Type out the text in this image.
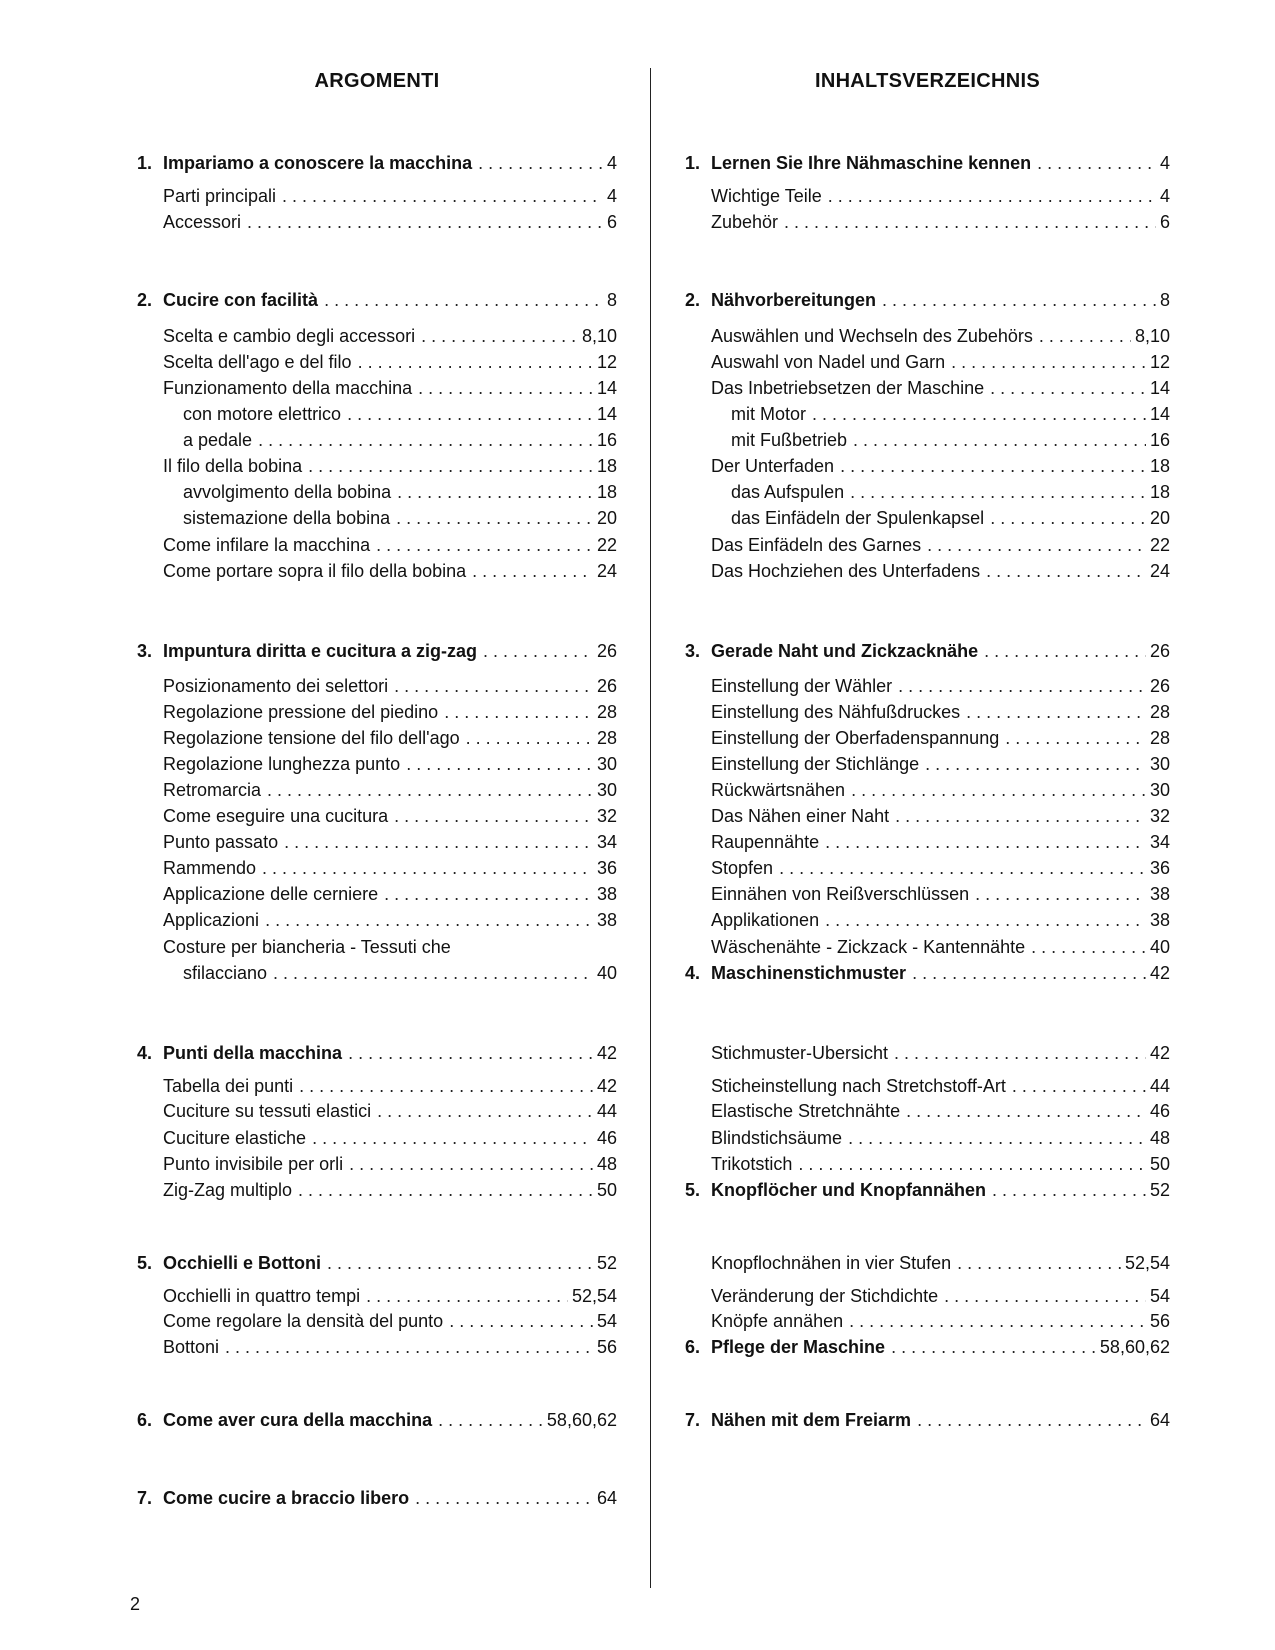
ARGOMENTI
1. Impariamo a conoscere la macchina . . .	4
Parti principali . . .	4
Accessori . . .	6
2. Cucire con facilità . . .	8
Scelta e cambio degli accessori . . .	8,10
Scelta dell'ago e del filo . . .	12
Funzionamento della macchina . . .	14
con motore elettrico . . .	14
a pedale . . .	16
Il filo della bobina . . .	18
avvolgimento della bobina . . .	18
sistemazione della bobina . . .	20
Come infilare la macchina . . .	22
Come portare sopra il filo della bobina . . .	24
3. Impuntura diritta e cucitura a zig-zag . . .	26
Posizionamento dei selettori . . .	26
Regolazione pressione del piedino . . .	28
Regolazione tensione del filo dell'ago . . .	28
Regolazione lunghezza punto . . .	30
Retromarcia . . .	30
Come eseguire una cucitura . . .	32
Punto passato . . .	34
Rammendo . . .	36
Applicazione delle cerniere . . .	38
Applicazioni . . .	38
Costure per biancheria - Tessuti che
sfilacciano . . .	40
4. Punti della macchina . . .	42
Tabella dei punti . . .	42
Cuciture su tessuti elastici . . .	44
Cuciture elastiche . . .	46
Punto invisibile per orli . . .	48
Zig-Zag multiplo . . .	50
5. Occhielli e Bottoni . . .	52
Occhielli in quattro tempi . . .	52,54
Come regolare la densità del punto . . .	54
Bottoni . . .	56
6. Come aver cura della macchina . . .	58,60,62
7. Come cucire a braccio libero . . .	64
INHALTSVERZEICHNIS
1. Lernen Sie Ihre Nähmaschine kennen . . .	4
Wichtige Teile . . .	4
Zubehör . . .	6
2. Nähvorbereitungen . . .	8
Auswählen und Wechseln des Zubehörs . . .	8,10
Auswahl von Nadel und Garn . . .	12
Das Inbetriebsetzen der Maschine . . .	14
mit Motor . . .	14
mit Fußbetrieb . . .	16
Der Unterfaden . . .	18
das Aufspulen . . .	18
das Einfädeln der Spulenkapsel . . .	20
Das Einfädeln des Garnes . . .	22
Das Hochziehen des Unterfadens . . .	24
3. Gerade Naht und Zickzacknähe . . .	26
Einstellung der Wähler . . .	26
Einstellung des Nähfußdruckes . . .	28
Einstellung der Oberfadenspannung . . .	28
Einstellung der Stichlänge . . .	30
Rückwärtsnähen . . .	30
Das Nähen einer Naht . . .	32
Raupennähte . . .	34
Stopfen . . .	36
Einnähen von Reißverschlüssen . . .	38
Applikationen . . .	38
Wäschenähte - Zickzack - Kantennähte . . .	40
4. Maschinenstichmuster . . .	42
Stichmuster-Ubersicht . . .	42
Sticheinstellung nach Stretchstoff-Art . . .	44
Elastische Stretchnähte . . .	46
Blindstichsäume . . .	48
Trikotstich . . .	50
5. Knopflöcher und Knopfannähen . . .	52
Knopflochnähen in vier Stufen . . .	52,54
Veränderung der Stichdichte . . .	54
Knöpfe annähen . . .	56
6. Pflege der Maschine . . .	58,60,62
7. Nähen mit dem Freiarm . . .	64
2
